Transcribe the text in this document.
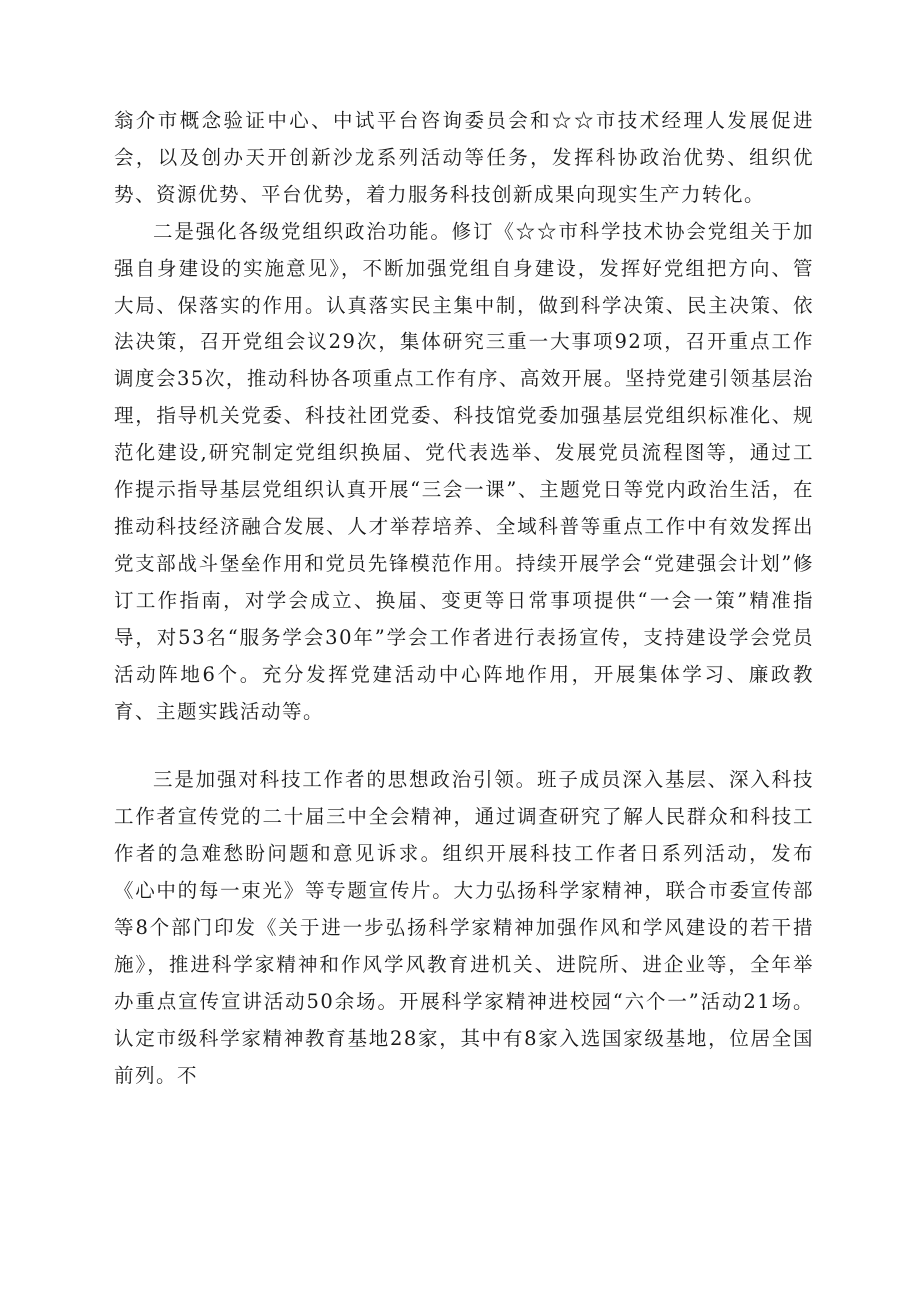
翁介市概念验证中心、中试平台咨询委员会和☆☆市技术经理人发展促进会，以及创办天开创新沙龙系列活动等任务，发挥科协政治优势、组织优势、资源优势、平台优势，着力服务科技创新成果向现实生产力转化。

二是强化各级党组织政治功能。修订《☆☆市科学技术协会党组关于加强自身建设的实施意见》，不断加强党组自身建设，发挥好党组把方向、管大局、保落实的作用。认真落实民主集中制，做到科学决策、民主决策、依法决策，召开党组会议29次，集体研究三重一大事项92项，召开重点工作调度会35次，推动科协各项重点工作有序、高效开展。坚持党建引领基层治理，指导机关党委、科技社团党委、科技馆党委加强基层党组织标准化、规范化建设,研究制定党组织换届、党代表选举、发展党员流程图等，通过工作提示指导基层党组织认真开展“三会一课”、主题党日等党内政治生活，在推动科技经济融合发展、人才举荐培养、全域科普等重点工作中有效发挥出党支部战斗堡垒作用和党员先锋模范作用。持续开展学会“党建强会计划”修订工作指南，对学会成立、换届、变更等日常事项提供“一会一策”精准指导，对53名“服务学会30年”学会工作者进行表扬宣传，支持建设学会党员活动阵地6个。充分发挥党建活动中心阵地作用，开展集体学习、廉政教育、主题实践活动等。

三是加强对科技工作者的思想政治引领。班子成员深入基层、深入科技工作者宣传党的二十届三中全会精神，通过调查研究了解人民群众和科技工作者的急难愁盼问题和意见诉求。组织开展科技工作者日系列活动，发布《心中的每一束光》等专题宣传片。大力弘扬科学家精神，联合市委宣传部等8个部门印发《关于进一步弘扬科学家精神加强作风和学风建设的若干措施》，推进科学家精神和作风学风教育进机关、进院所、进企业等，全年举办重点宣传宣讲活动50余场。开展科学家精神进校园“六个一”活动21场。认定市级科学家精神教育基地28家，其中有8家入选国家级基地，位居全国前列。不
